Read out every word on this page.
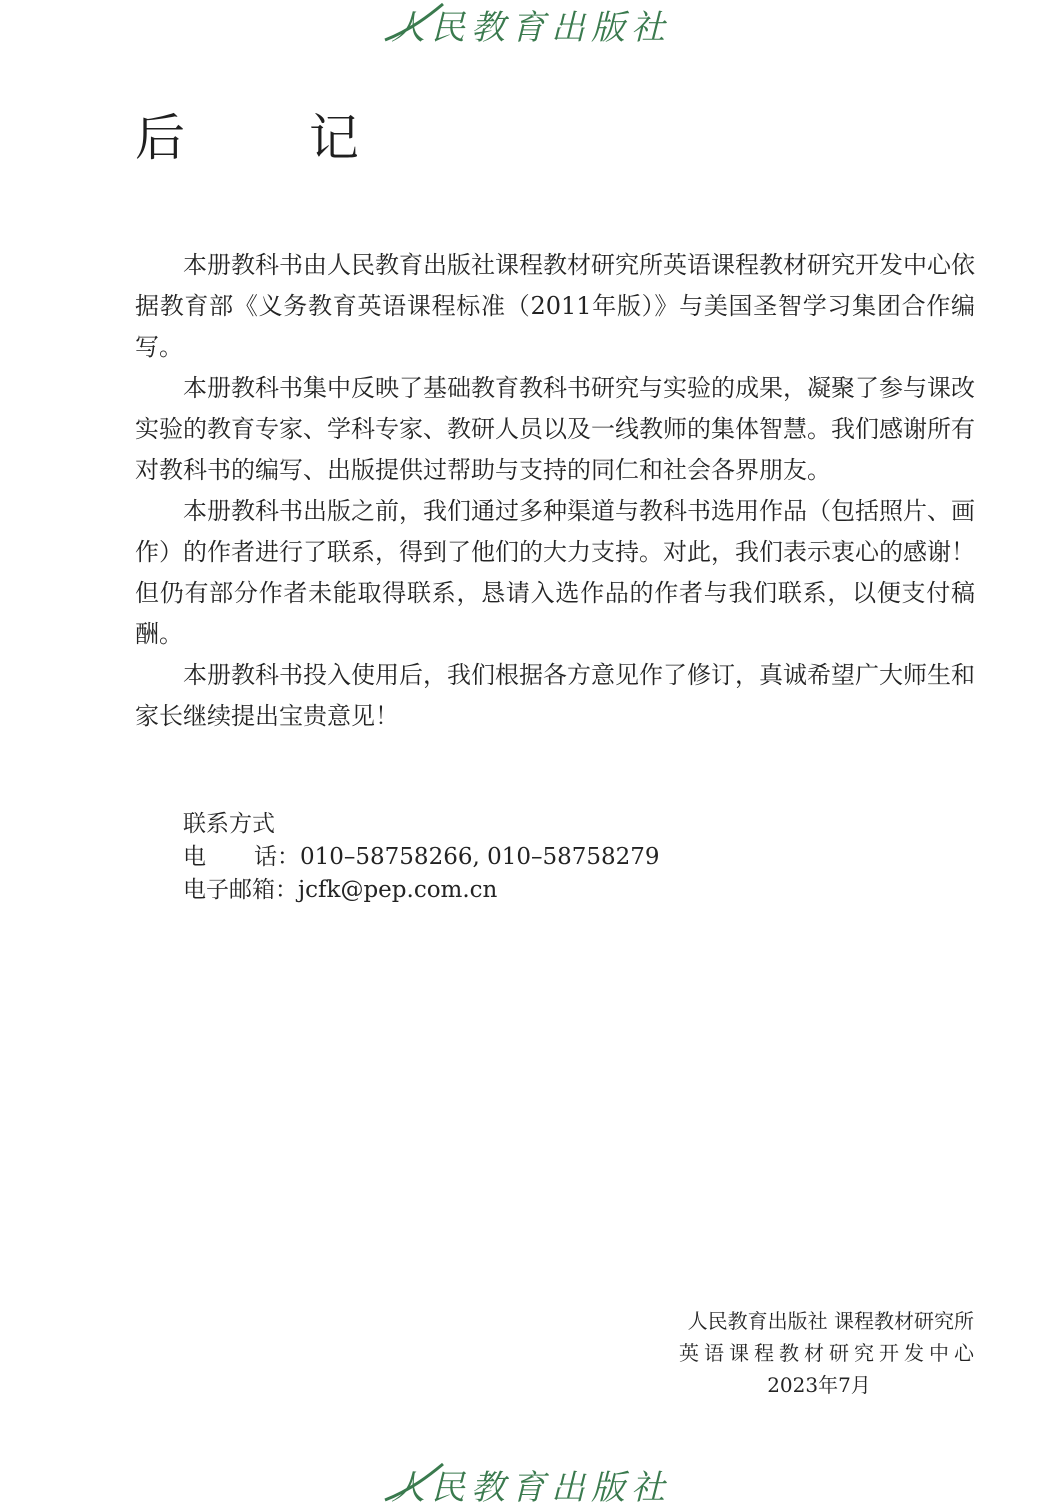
人民教育出版社
后 记

本册教科书由人民教育出版社课程教材研究所英语课程教材研究开发中心依据教育部《义务教育英语课程标准（2011年版）》与美国圣智学习集团合作编写。

本册教科书集中反映了基础教育教科书研究与实验的成果，凝聚了参与课改实验的教育专家、学科专家、教研人员以及一线教师的集体智慧。我们感谢所有对教科书的编写、出版提供过帮助与支持的同仁和社会各界朋友。

本册教科书出版之前，我们通过多种渠道与教科书选用作品（包括照片、画作）的作者进行了联系，得到了他们的大力支持。对此，我们表示衷心的感谢！但仍有部分作者未能取得联系，恳请入选作品的作者与我们联系，以便支付稿酬。

本册教科书投入使用后，我们根据各方意见作了修订，真诚希望广大师生和家长继续提出宝贵意见！

联系方式
电 话：010–58758266, 010–58758279
电子邮箱：jcfk@pep.com.cn
人民教育出版社 课程教材研究所
英语课程教材研究开发中心
2023年7月
人民教育出版社
